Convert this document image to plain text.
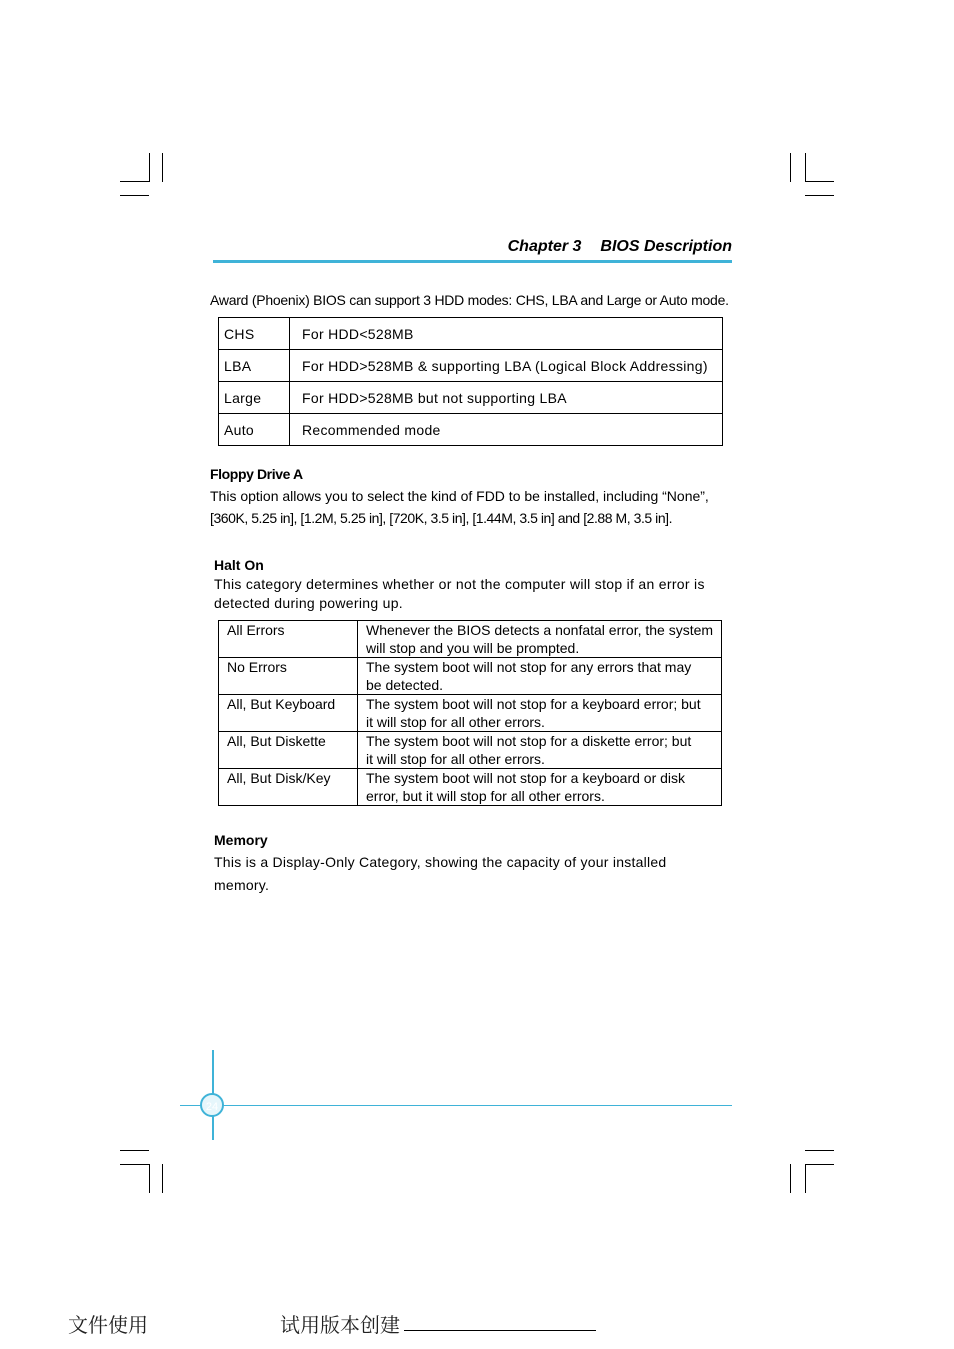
Chapter 3 BIOS Description
Award (Phoenix) BIOS can support 3 HDD modes: CHS, LBA and Large or Auto mode.
CHS	For HDD<528MB
LBA	For HDD>528MB & supporting LBA (Logical Block Addressing)
Large	For HDD>528MB but not supporting LBA
Auto	Recommended mode
Floppy Drive A
This option allows you to select the kind of FDD to be installed, including “None”,
[360K, 5.25 in], [1.2M, 5.25 in], [720K, 3.5 in], [1.44M, 3.5 in] and [2.88 M, 3.5 in].
Halt On
This category determines whether or not the computer will stop if an error is
detected during powering up.
All Errors	Whenever the BIOS detects a nonfatal error, the system
will stop and you will be prompted.

No Errors	The system boot will not stop for any errors that may
be detected.

All, But Keyboard	The system boot will not stop for a keyboard error; but
it will stop for all other errors.

All, But Diskette	The system boot will not stop for a diskette error; but
it will stop for all other errors.

All, But Disk/Key	The system boot will not stop for a keyboard or disk
error, but it will stop for all other errors.
Memory
This is a Display-Only Category, showing the capacity of your installed
memory.
24
文件使用	试用版本创建
